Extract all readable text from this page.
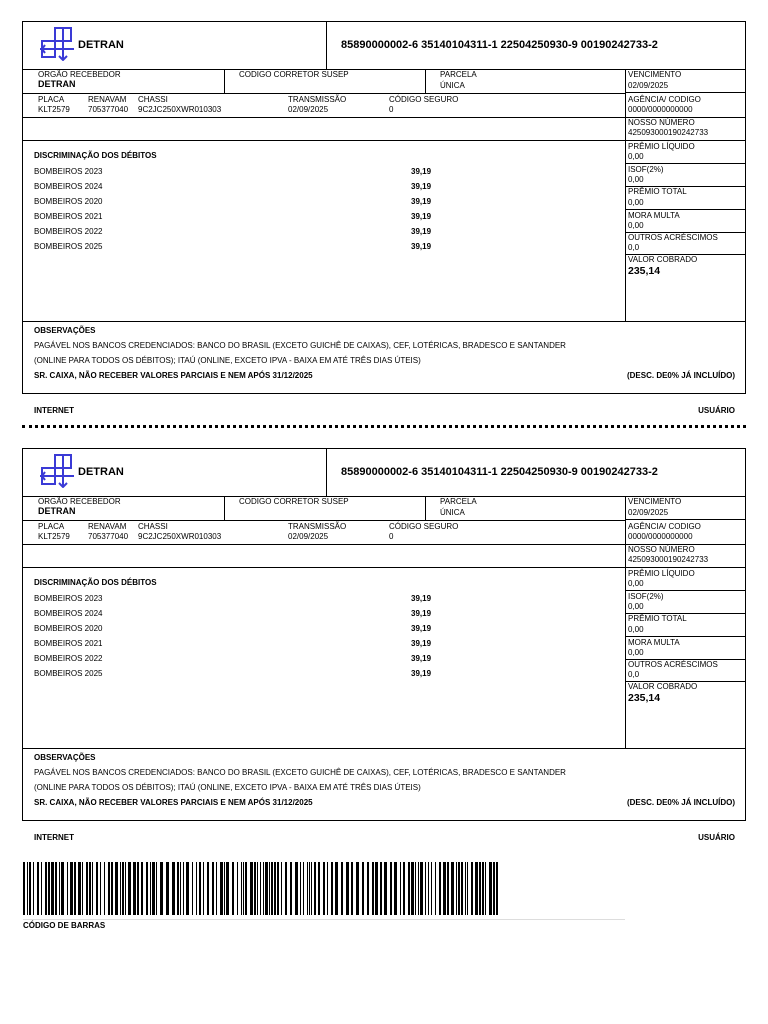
DETRAN	85890000002-6 35140104311-1 22504250930-9 00190242733-2
VENCIMENTO
02/09/2025
AGÊNCIA/ CODIGO
0000/0000000000
NOSSO NÚMERO
425093000190242733
PRÊMIO LÍQUIDO
0,00
ISOF(2%)
0,00
PRÊMIO TOTAL
0,00
MORA MULTA
0,00
OUTROS ACRÉSCIMOS
0,0
VALOR COBRADO
235,14
ORGÃO RECEBEDOR
DETRAN
CODIGO CORRETOR SUSEP	PARCELA
ÚNICA
PLACA
KLT2579
RENAVAM
705377040
CHASSI
9C2JC250XWR010303
TRANSMISSÃO
02/09/2025
CÓDIGO SEGURO
0
DISCRIMINAÇÃO DOS DÉBITOS
BOMBEIROS 2023	39,19
BOMBEIROS 2024	39,19
BOMBEIROS 2020	39,19
BOMBEIROS 2021	39,19
BOMBEIROS 2022	39,19
BOMBEIROS 2025	39,19
OBSERVAÇÕES
PAGÁVEL NOS BANCOS CREDENCIADOS: BANCO DO BRASIL (EXCETO GUICHÊ DE CAIXAS), CEF, LOTÉRICAS, BRADESCO E SANTANDER
(ONLINE PARA TODOS OS DÉBITOS); ITAÚ (ONLINE, EXCETO IPVA - BAIXA EM ATÉ TRÊS DIAS ÚTEIS)
SR. CAIXA, NÃO RECEBER VALORES PARCIAIS E NEM APÓS 31/12/2025	(DESC. DE0% JÁ INCLUÍDO)
INTERNET	USUÁRIO
DETRAN	85890000002-6 35140104311-1 22504250930-9 00190242733-2
VENCIMENTO
02/09/2025
AGÊNCIA/ CODIGO
0000/0000000000
NOSSO NÚMERO
425093000190242733
PRÊMIO LÍQUIDO
0,00
ISOF(2%)
0,00
PRÊMIO TOTAL
0,00
MORA MULTA
0,00
OUTROS ACRÉSCIMOS
0,0
VALOR COBRADO
235,14
ORGÃO RECEBEDOR
DETRAN
CODIGO CORRETOR SUSEP	PARCELA
ÚNICA
PLACA
KLT2579
RENAVAM
705377040
CHASSI
9C2JC250XWR010303
TRANSMISSÃO
02/09/2025
CÓDIGO SEGURO
0
DISCRIMINAÇÃO DOS DÉBITOS
BOMBEIROS 2023	39,19
BOMBEIROS 2024	39,19
BOMBEIROS 2020	39,19
BOMBEIROS 2021	39,19
BOMBEIROS 2022	39,19
BOMBEIROS 2025	39,19
OBSERVAÇÕES
PAGÁVEL NOS BANCOS CREDENCIADOS: BANCO DO BRASIL (EXCETO GUICHÊ DE CAIXAS), CEF, LOTÉRICAS, BRADESCO E SANTANDER
(ONLINE PARA TODOS OS DÉBITOS); ITAÚ (ONLINE, EXCETO IPVA - BAIXA EM ATÉ TRÊS DIAS ÚTEIS)
SR. CAIXA, NÃO RECEBER VALORES PARCIAIS E NEM APÓS 31/12/2025	(DESC. DE0% JÁ INCLUÍDO)
INTERNET	USUÁRIO
CÓDIGO DE BARRAS
